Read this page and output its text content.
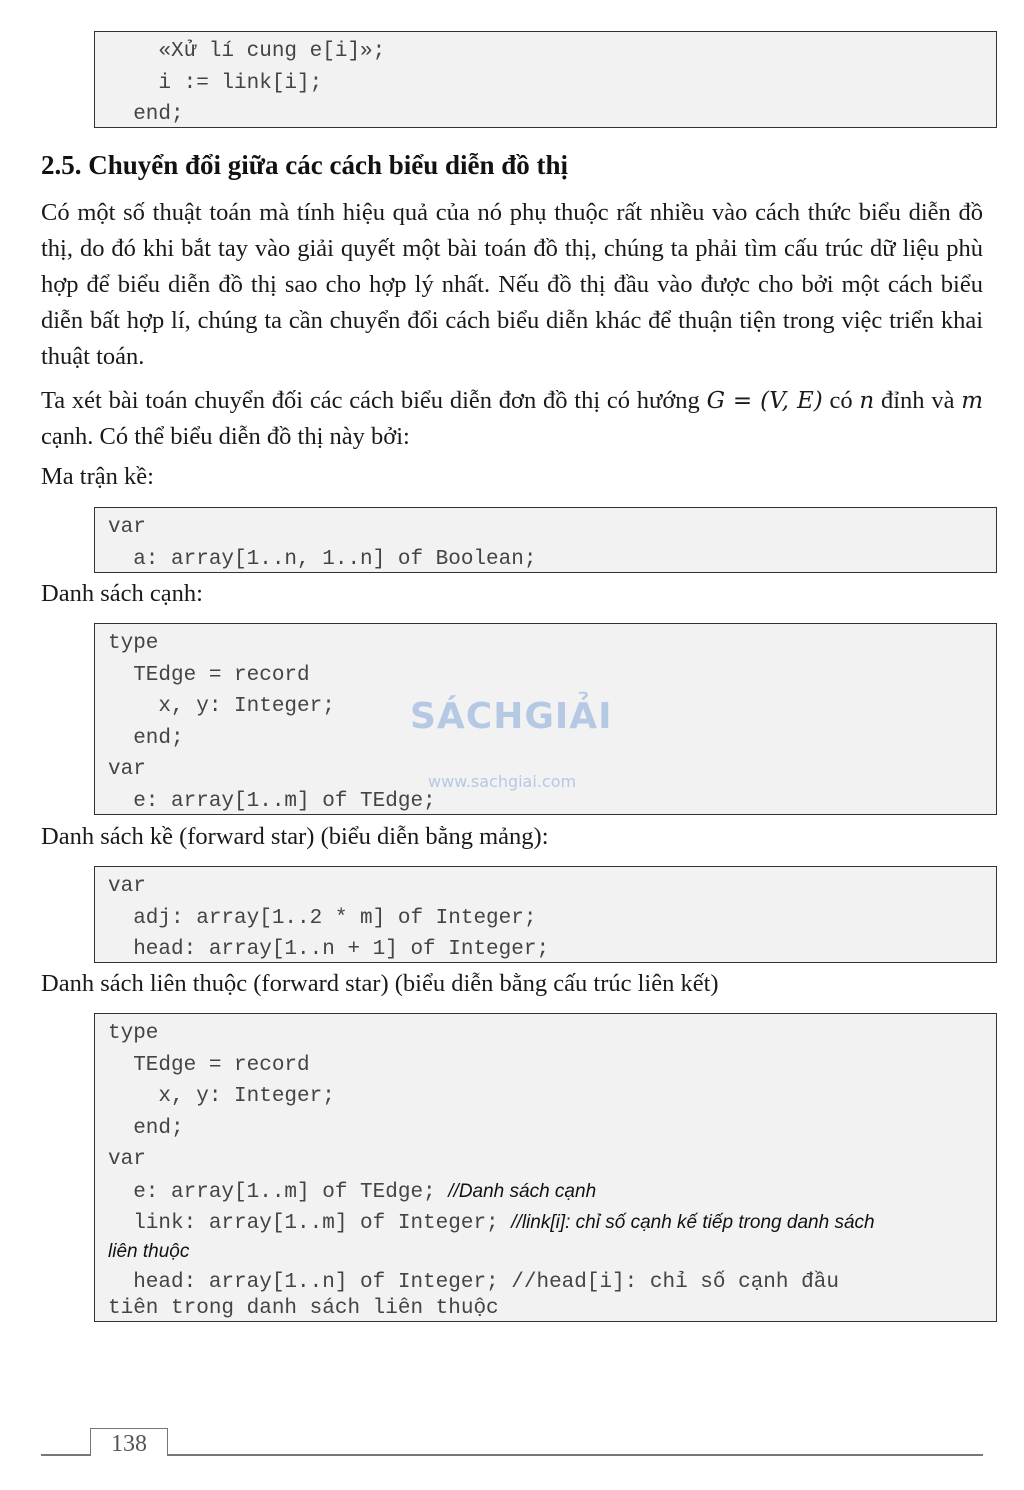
«Xử lí cung e[i]»;
i := link[i];
end;
2.5. Chuyển đổi giữa các cách biểu diễn đồ thị

Có một số thuật toán mà tính hiệu quả của nó phụ thuộc rất nhiều vào cách thức biểu diễn đồ thị, do đó khi bắt tay vào giải quyết một bài toán đồ thị, chúng ta phải tìm cấu trúc dữ liệu phù hợp để biểu diễn đồ thị sao cho hợp lý nhất. Nếu đồ thị đầu vào được cho bởi một cách biểu diễn bất hợp lí, chúng ta cần chuyển đổi cách biểu diễn khác để thuận tiện trong việc triển khai thuật toán.

Ta xét bài toán chuyển đối các cách biểu diễn đơn đồ thị có hướng G = (V, E) có n đỉnh và m cạnh. Có thể biểu diễn đồ thị này bởi:

Ma trận kề:
var
a: array[1..n, 1..n] of Boolean;
Danh sách cạnh:
type
TEdge = record
x, y: Integer;
end;
var
e: array[1..m] of TEdge;
SÁCHGIẢI
www.sachgiai.com
Danh sách kề (forward star) (biểu diễn bằng mảng):
var
adj: array[1..2 * m] of Integer;
head: array[1..n + 1] of Integer;
Danh sách liên thuộc (forward star) (biểu diễn bằng cấu trúc liên kết)
type
TEdge = record
x, y: Integer;
end;
var
e: array[1..m] of TEdge; //Danh sách cạnh
link: array[1..m] of Integer; //link[i]: chỉ số cạnh kế tiếp trong danh sách
liên thuộc
head: array[1..n] of Integer; //head[i]: chỉ số cạnh đầu
tiên trong danh sách liên thuộc
138
